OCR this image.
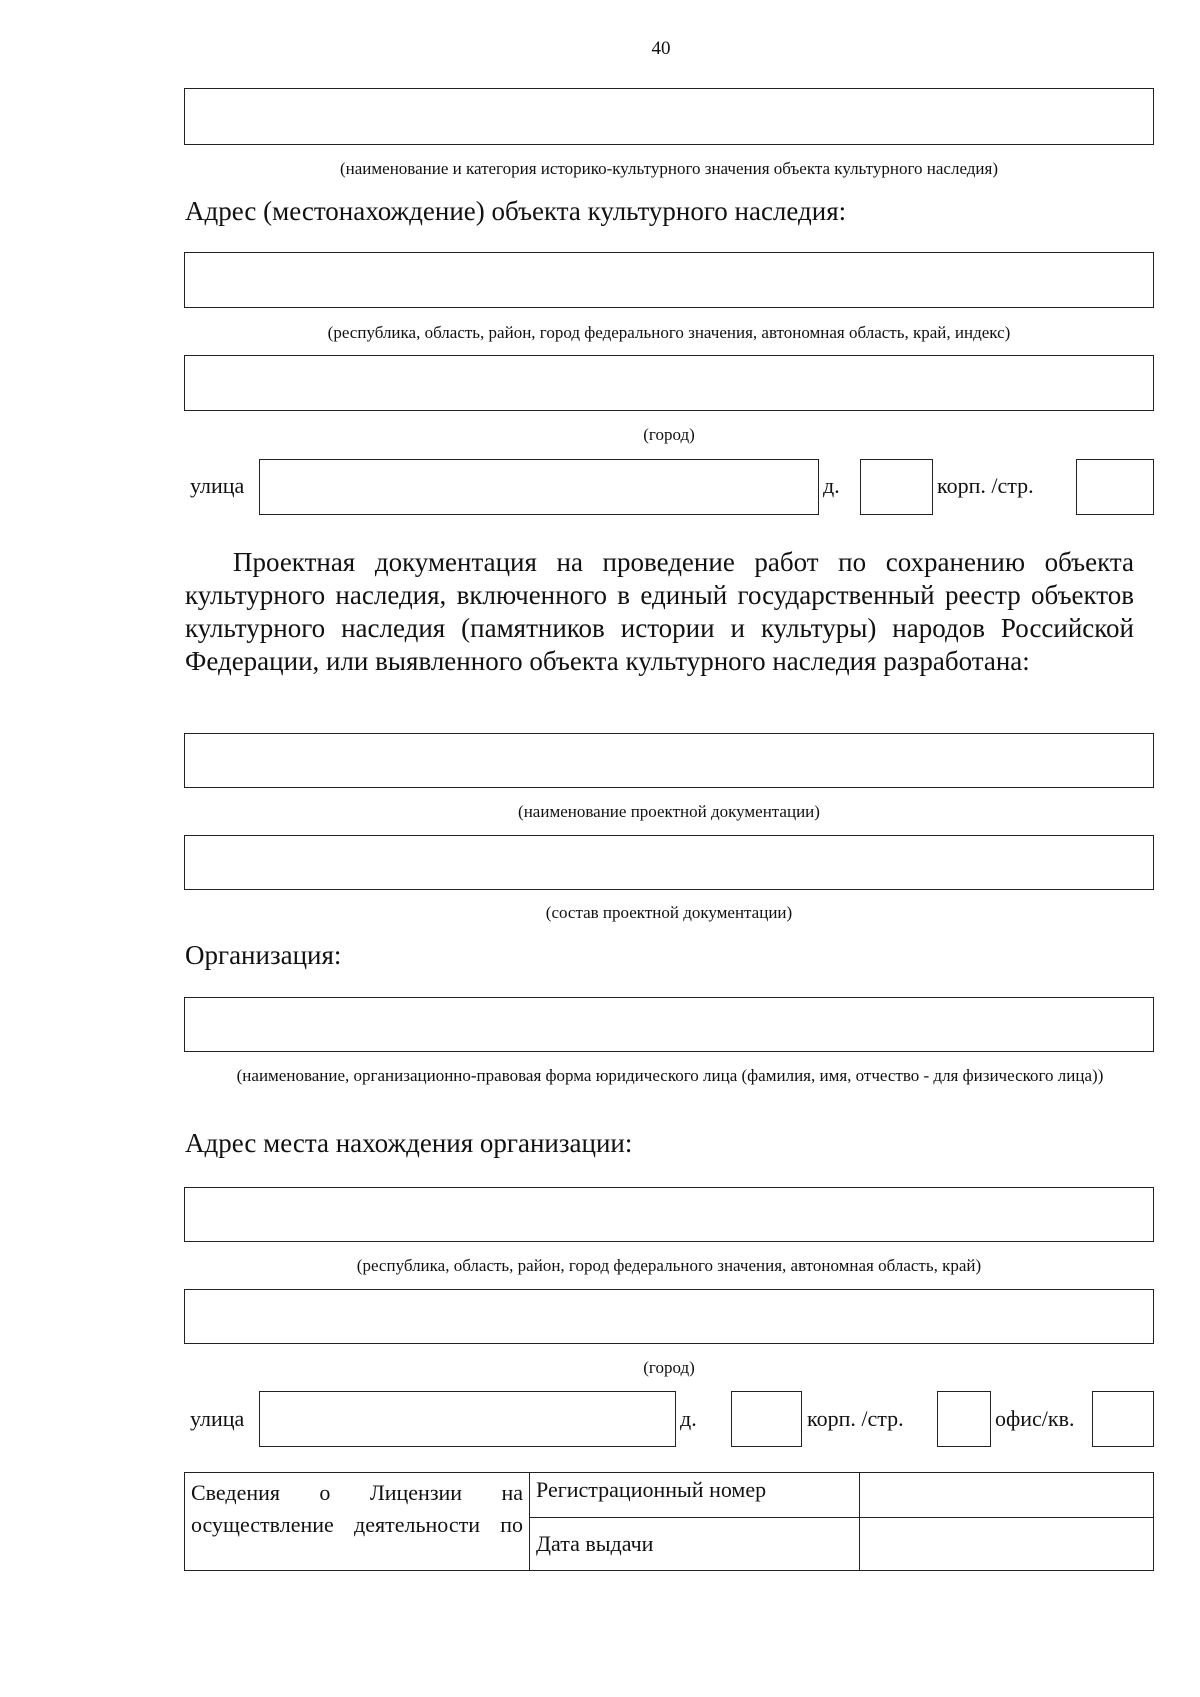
40
(наименование и категория историко-культурного значения объекта культурного наследия)
Адрес (местонахождение) объекта культурного наследия:
(республика, область, район, город федерального значения, автономная область, край, индекс)
(город)
улица	д.	корп. /стр.
Проектная документация на проведение работ по сохранению объекта культурного наследия, включенного в единый государственный реестр объектов культурного наследия (памятников истории и культуры) народов Российской Федерации, или выявленного объекта культурного наследия разработана:
(наименование проектной документации)
(состав проектной документации)
Организация:
(наименование, организационно-правовая форма юридического лица (фамилия, имя, отчество - для физического лица))
Адрес места нахождения организации:
(республика, область, район, город федерального значения, автономная область, край)
(город)
улица	д.	корп. /стр.	офис/кв.
Сведения о Лицензии на осуществление деятельности по	Регистрационный номер	
	Дата выдачи	
